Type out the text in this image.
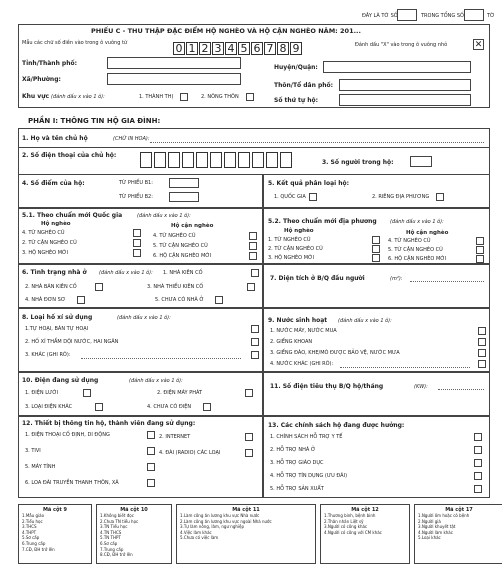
ĐÂY LÀ TỜ SỐ	TRONG TỔNG SỐ	TỜ
PHIẾU C - THU THẬP ĐẶC ĐIỂM HỘ NGHÈO VÀ HỘ CẬN NGHÈO NĂM: 201...
Mẫu các chữ số điền vào trong ô vuông từ	0 1 2 3 4 5 6 7 8 9	Đánh dấu "X" vào trong ô vuông nhỏ	✕
Tỉnh/Thành phố:
Huyện/Quận:
Xã/Phường:
Thôn/Tổ dân phố:
Khu vực (đánh dấu x vào 1 ô):	1. THÀNH THỊ	2. NÔNG THÔN	Số thứ tự hộ:
PHẦN I: THÔNG TIN HỘ GIA ĐÌNH:
1. Họ và tên chủ hộ	(CHỮ IN HOA):
2. Số điện thoại của chủ hộ:
3. Số người trong hộ:
4. Số điểm của hộ:	TỪ PHIẾU B1:
TỪ PHIẾU B2:
5. Kết quả phân loại hộ:
1. QUỐC GIA	2. RIÊNG ĐỊA PHƯƠNG
5.1. Theo chuẩn mới Quốc gia	(đánh dấu x vào 1 ô):
Hộ nghèo	Hộ cận nghèo
4. TỪ NGHÈO CŨ
2. TỪ CẬN NGHÈO CŨ
3. HỘ NGHÈO MỚI
4. TỪ NGHÈO CŨ
5. TỪ CẬN NGHÈO CŨ
6. HỘ CẬN NGHÈO MỚI
5.2. Theo chuẩn mới địa phương	(đánh dấu x vào 1 ô):
Hộ nghèo	Hộ cận nghèo
1. TỪ NGHÈO CŨ
2. TỪ CẬN NGHÈO CŨ
3. HỘ NGHÈO MỚI
4. TỪ NGHÈO CŨ
5. TỪ CẬN NGHÈO CŨ
6. HỘ CẬN NGHÈO MỚI
6. Tình trạng nhà ở (đánh dấu x vào 1 ô): 1. NHÀ KIÊN CỐ
2. NHÀ BÁN KIÊN CỐ	3. NHÀ THIẾU KIÊN CỐ
4. NHÀ ĐƠN SƠ	5. CHƯA CÓ NHÀ Ở
7. Diện tích ở B/Q đầu người	(m²):
8. Loại hố xí sử dụng	(đánh dấu x vào 1 ô):
1.TỰ HOẠI, BÁN TỰ HOẠI
2. HỐ XÍ THẤM DỘI NƯỚC, HAI NGĂN
3. KHÁC (GHI RÕ):
9. Nước sinh hoạt (đánh dấu x vào 1 ô):
1. NƯỚC MÁY, NƯỚC MUA
2. GIẾNG KHOAN
3. GIẾNG ĐÀO, KHE/MÓ ĐƯỢC BẢO VỆ, NƯỚC MƯA
4. NƯỚC KHÁC (GHI RÕ):
10. Điện đang sử dụng	(đánh dấu x vào 1 ô):
1. ĐIỆN LƯỚI	2. ĐIỆN MÁY PHÁT
3. LOẠI ĐIỆN KHÁC	4. CHƯA CÓ ĐIỆN
11. Số điện tiêu thụ B/Q hộ/tháng	(KW):
12. Thiết bị thông tin hộ, thành viên đang sử dụng:
1. ĐIỆN THOẠI CỐ ĐỊNH, DI ĐỘNG	2. INTERNET
3. TIVI	4. ĐÀI (RADIO) CÁC LOẠI
5. MÁY TÍNH
6. LOA ĐÀI TRUYỀN THANH THÔN, XÃ
13. Các chính sách hộ đang được hưởng:
1. CHÍNH SÁCH HỖ TRỢ Y TẾ
2. HỖ TRỢ NHÀ Ở
3. HỖ TRỢ GIÁO DỤC
4. HỖ TRỢ TÍN DỤNG (ƯU ĐÃI)
5. HỖ TRỢ SẢN XUẤT
Mã cột 9
1.Mẫu giáo
2.Tiểu học
3.THCS
4.THPT
5.Sơ cấp
6.Trung cấp
7.CĐ, ĐH trở lên
Mã cột 10
1.Không biết đọc
2.Chưa TN tiểu học
3.TN Tiểu học
4.TN THCS
5.TN THPT
6.Sơ cấp
7.Trung cấp
8.CĐ, ĐH trở lên
Mã cột 11
1.Làm công ăn lương khu vực Nhà nước
2.Làm công ăn lương khu vực ngoài Nhà nước
3.Tự làm nông, lâm, ngư nghiệp
4.Việc làm khác
5.Chưa có việc làm
Mã cột 12
1.Thương binh, bệnh binh
2.Thân nhân Liệt sỹ
3.Người có công khác
4.Người có công với CM khác
Mã cột 17
1.Người ốm hoặc có bệnh
2.Người già
3.Người khuyết tật
4.Người làm khác
5.Loại khác
